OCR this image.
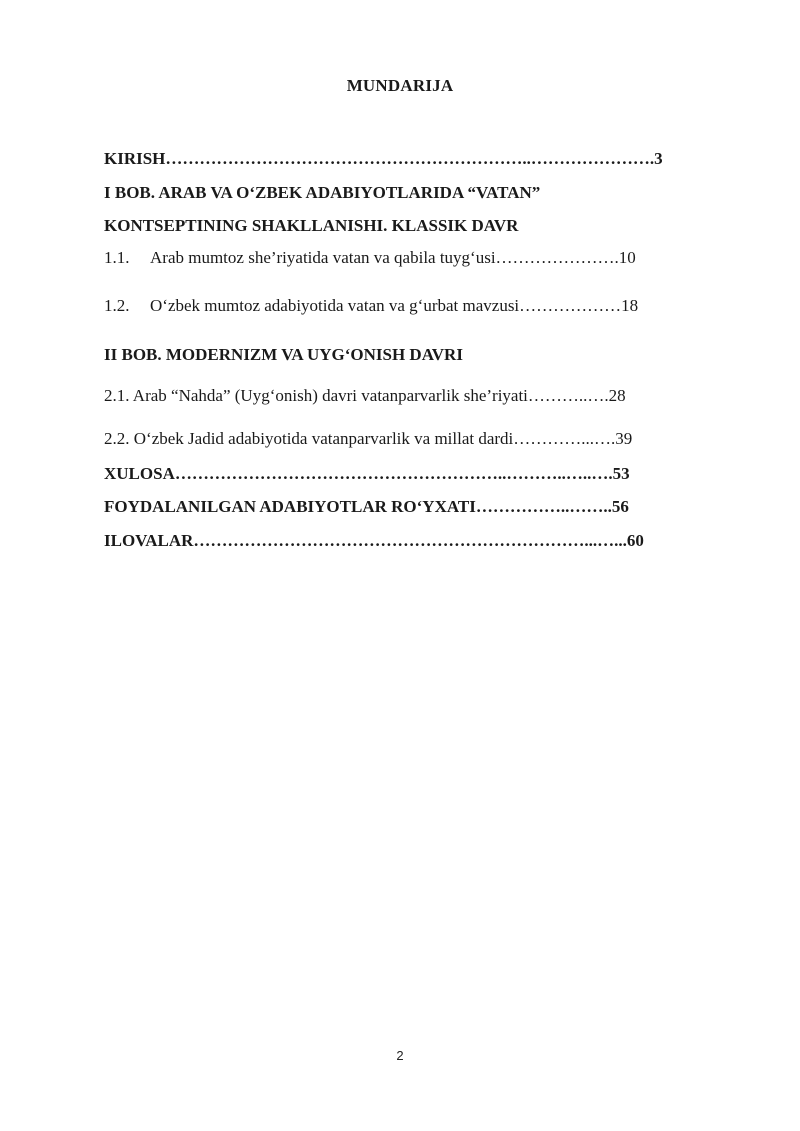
MUNDARIJA
KIRISH………………………………………………………..………………….3
I BOB. ARAB VA O‘ZBEK ADABIYOTLARIDA “VATAN”
KONTSEPTINING SHAKLLANISHI. KLASSIK DAVR
1.1. Arab mumtoz she’riyatida vatan va qabila tuyg‘usi………………….10
1.2. O‘zbek mumtoz adabiyotida vatan va g‘urbat mavzusi………………18
II BOB. MODERNIZM VA UYG‘ONISH DAVRI
2.1. Arab “Nahda” (Uyg‘onish) davri vatanparvarlik she’riyati………..….28
2.2. O‘zbek Jadid adabiyotida vatanparvarlik va millat dardi…………...….39
XULOSA…………………………………………………..………..…..….53
FOYDALANILGAN ADABIYOTLAR RO‘YXATI……………..……..56
ILOVALAR……………………………………………………………...…...60
2
